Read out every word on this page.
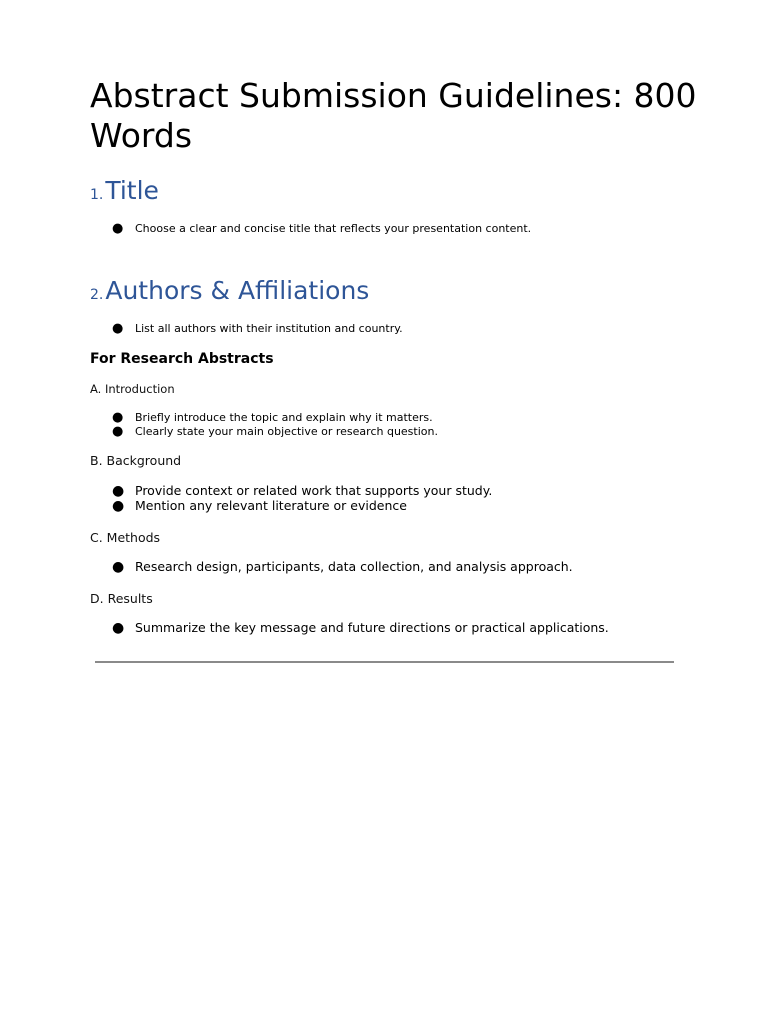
Abstract Submission Guidelines: 800 Words
1.Title
● Choose a clear and concise title that reflects your presentation content.
2.Authors & Affiliations
● List all authors with their institution and country.
For Research Abstracts

A. Introduction

● Briefly introduce the topic and explain why it matters.
● Clearly state your main objective or research question.

B. Background

● Provide context or related work that supports your study.
● Mention any relevant literature or evidence

C. Methods

● Research design, participants, data collection, and analysis approach.

D. Results

● Summarize the key message and future directions or practical applications.
